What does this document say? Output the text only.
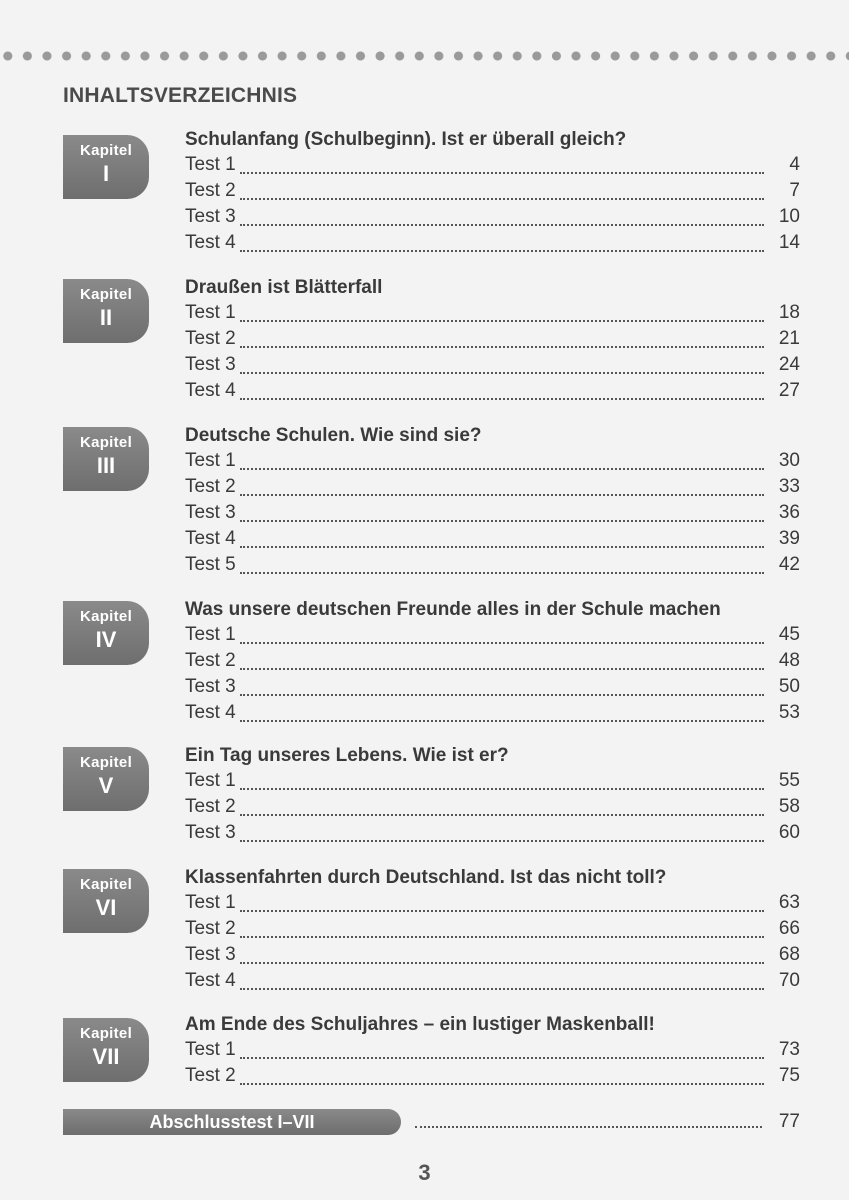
INHALTSVERZEICHNIS
Kapitel
I
Schulanfang (Schulbeginn). Ist er überall gleich?
Test 1	4
Test 2	7
Test 3	10
Test 4	14
Kapitel
II
Draußen ist Blätterfall
Test 1	18
Test 2	21
Test 3	24
Test 4	27
Kapitel
III
Deutsche Schulen. Wie sind sie?
Test 1	30
Test 2	33
Test 3	36
Test 4	39
Test 5	42
Kapitel
IV
Was unsere deutschen Freunde alles in der Schule machen
Test 1	45
Test 2	48
Test 3	50
Test 4	53
Kapitel
V
Ein Tag unseres Lebens. Wie ist er?
Test 1	55
Test 2	58
Test 3	60
Kapitel
VI
Klassenfahrten durch Deutschland. Ist das nicht toll?
Test 1	63
Test 2	66
Test 3	68
Test 4	70
Kapitel
VII
Am Ende des Schuljahres – ein lustiger Maskenball!
Test 1	73
Test 2	75
Abschlusstest I–VII	77
3
